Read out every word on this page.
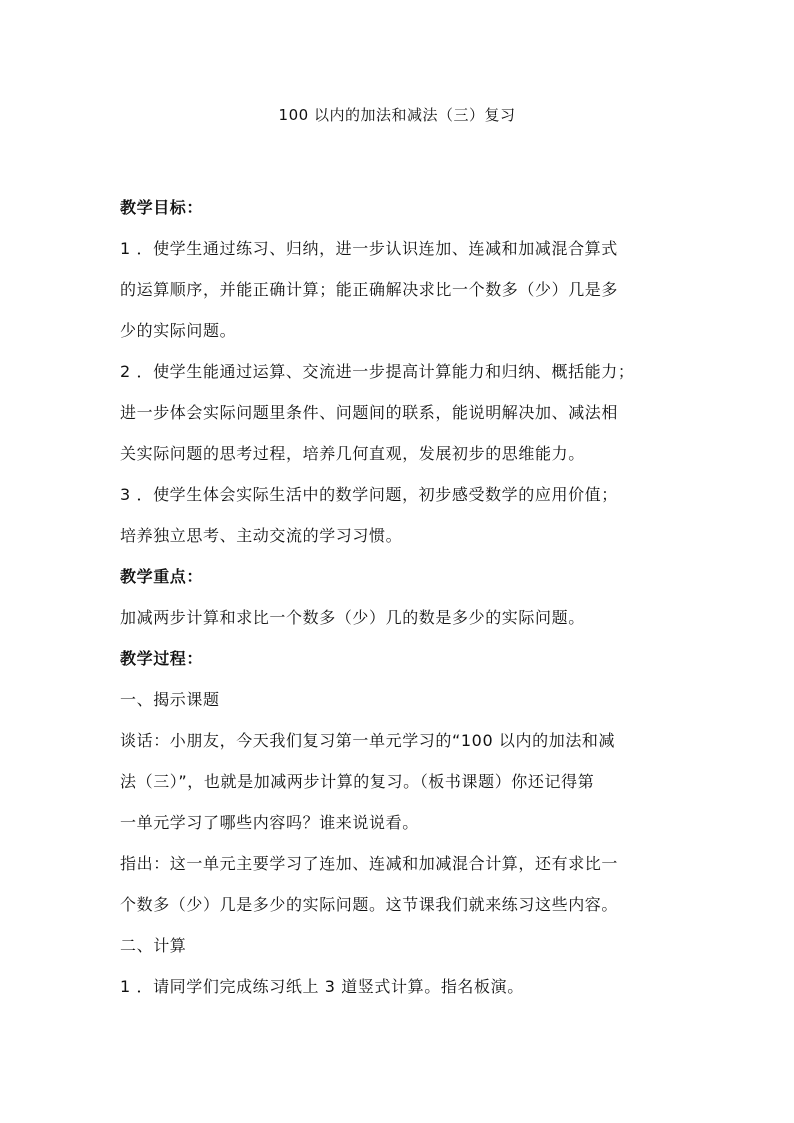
100 以内的加法和减法（三）复习
教学目标：
1 ．使学生通过练习、归纳，进一步认识连加、连减和加减混合算式
的运算顺序，并能正确计算；能正确解决求比一个数多（少）几是多
少的实际问题。
2 ．使学生能通过运算、交流进一步提高计算能力和归纳、概括能力；
进一步体会实际问题里条件、问题间的联系，能说明解决加、减法相
关实际问题的思考过程，培养几何直观，发展初步的思维能力。
3 ．使学生体会实际生活中的数学问题，初步感受数学的应用价值；
培养独立思考、主动交流的学习习惯。
教学重点：
加减两步计算和求比一个数多（少）几的数是多少的实际问题。
教学过程：
一、揭示课题
谈话：小朋友，今天我们复习第一单元学习的“100 以内的加法和减
法（三）”，也就是加减两步计算的复习。（板书课题）你还记得第
一单元学习了哪些内容吗？谁来说说看。
指出：这一单元主要学习了连加、连减和加减混合计算，还有求比一
个数多（少）几是多少的实际问题。这节课我们就来练习这些内容。
二、计算
1 ．请同学们完成练习纸上 3 道竖式计算。指名板演。
